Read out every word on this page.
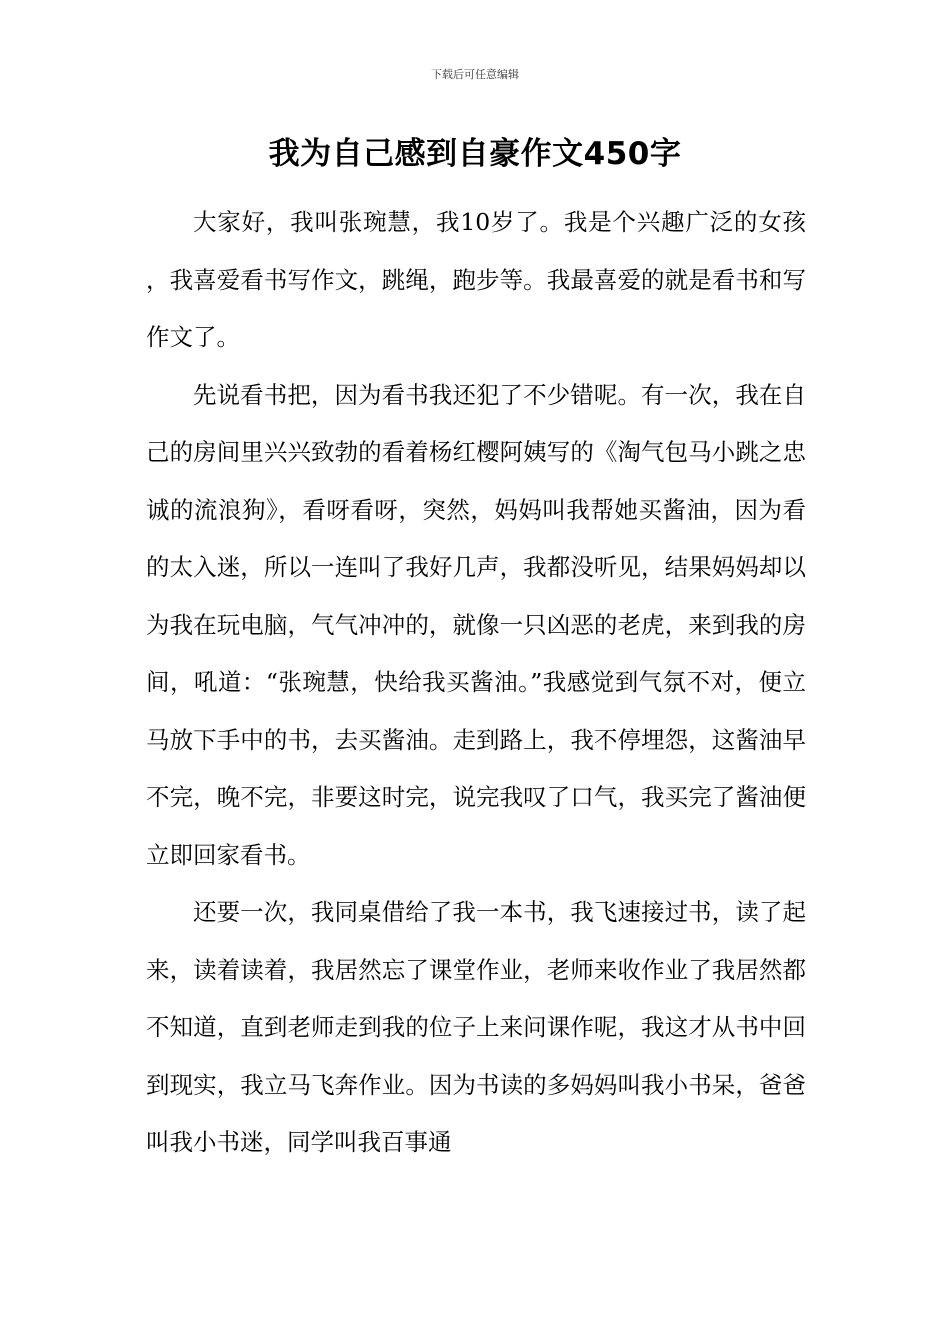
下载后可任意编辑
我为自己感到自豪作文450字

大家好，我叫张琬慧，我10岁了。我是个兴趣广泛的女孩，我喜爱看书写作文，跳绳，跑步等。我最喜爱的就是看书和写作文了。

先说看书把，因为看书我还犯了不少错呢。有一次，我在自己的房间里兴兴致勃的看着杨红樱阿姨写的《淘气包马小跳之忠诚的流浪狗》，看呀看呀，突然，妈妈叫我帮她买酱油，因为看的太入迷，所以一连叫了我好几声，我都没听见，结果妈妈却以为我在玩电脑，气气冲冲的，就像一只凶恶的老虎，来到我的房间，吼道：“张琬慧，快给我买酱油。”我感觉到气氛不对，便立马放下手中的书，去买酱油。走到路上，我不停埋怨，这酱油早不完，晚不完，非要这时完，说完我叹了口气，我买完了酱油便立即回家看书。

还要一次，我同桌借给了我一本书，我飞速接过书，读了起来，读着读着，我居然忘了课堂作业，老师来收作业了我居然都不知道，直到老师走到我的位子上来问课作呢，我这才从书中回到现实，我立马飞奔作业。因为书读的多妈妈叫我小书呆，爸爸叫我小书迷，同学叫我百事通
